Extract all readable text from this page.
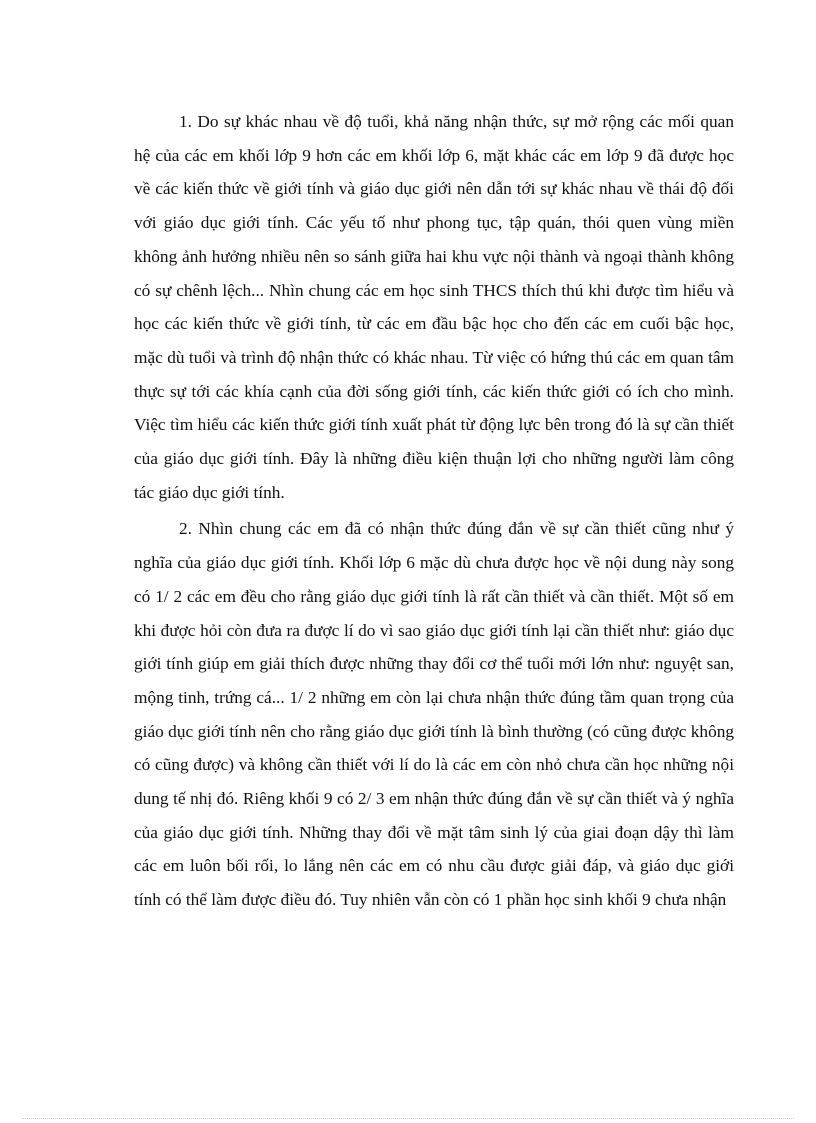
1. Do sự khác nhau về độ tuổi, khả năng nhận thức, sự mở rộng các mối quan hệ của các em khối lớp 9 hơn các em khối lớp 6, mặt khác các em lớp 9 đã được học về các kiến thức về giới tính và giáo dục giới nên dẫn tới sự khác nhau về thái độ đối với giáo dục giới tính. Các yếu tố như phong tục, tập quán, thói quen vùng miền không ảnh hưởng nhiều nên so sánh giữa hai khu vực nội thành và ngoại thành không có sự chênh lệch... Nhìn chung các em học sinh THCS thích thú khi được tìm hiểu và học các kiến thức về giới tính, từ các em đầu bậc học cho đến các em cuối bậc học, mặc dù tuổi và trình độ nhận thức có khác nhau. Từ việc có hứng thú các em quan tâm thực sự tới các khía cạnh của đời sống giới tính, các kiến thức giới có ích cho mình. Việc tìm hiểu các kiến thức giới tính xuất phát từ động lực bên trong đó là sự cần thiết của giáo dục giới tính. Đây là những điều kiện thuận lợi cho những người làm công tác giáo dục giới tính.

2. Nhìn chung các em đã có nhận thức đúng đắn về sự cần thiết cũng như ý nghĩa của giáo dục giới tính. Khối lớp 6 mặc dù chưa được học về nội dung này song có 1/ 2 các em đều cho rằng giáo dục giới tính là rất cần thiết và cần thiết. Một số em khi được hỏi còn đưa ra được lí do vì sao giáo dục giới tính lại cần thiết như: giáo dục giới tính giúp em giải thích được những thay đổi cơ thể tuổi mới lớn như: nguyệt san, mộng tinh, trứng cá... 1/ 2 những em còn lại chưa nhận thức đúng tầm quan trọng của giáo dục giới tính nên cho rằng giáo dục giới tính là bình thường (có cũng được không có cũng được) và không cần thiết với lí do là các em còn nhỏ chưa cần học những nội dung tế nhị đó. Riêng khối 9 có 2/ 3 em nhận thức đúng đắn về sự cần thiết và ý nghĩa của giáo dục giới tính. Những thay đổi về mặt tâm sinh lý của giai đoạn dậy thì làm các em luôn bối rối, lo lắng nên các em có nhu cầu được giải đáp, và giáo dục giới tính có thể làm được điều đó. Tuy nhiên vẫn còn có 1 phần học sinh khối 9 chưa nhận
